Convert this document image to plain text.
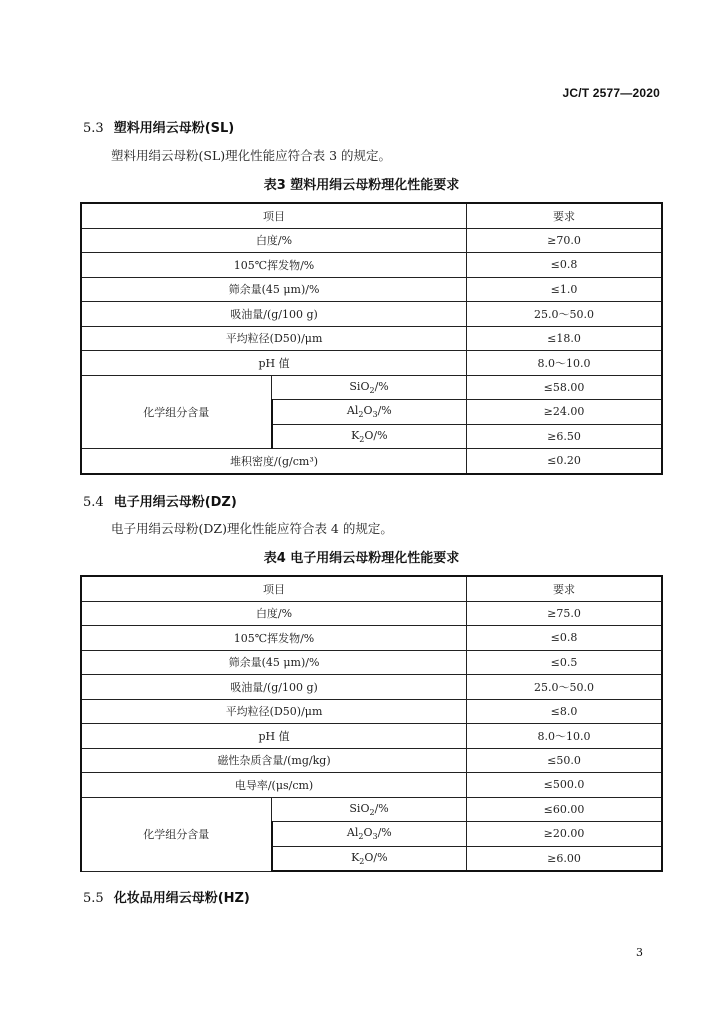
JC/T 2577—2020
5.3 塑料用绢云母粉(SL)
塑料用绢云母粉(SL)理化性能应符合表 3 的规定。
表3 塑料用绢云母粉理化性能要求
项目		要求
白度/%		≥70.0
105℃挥发物/%		≤0.8
筛余量(45 μm)/%		≤1.0
吸油量/(g/100 g)		25.0～50.0
平均粒径(D50)/μm		≤18.0
pH 值		8.0～10.0
化学组分含量	SiO$_2$/%	≤58.00
	$Al_2O_3/\%$	≥24.00
	$K_2O/\%$	≥6.50
堆积密度/(g/cm³)		≤0.20
5.4 电子用绢云母粉(DZ)
电子用绢云母粉(DZ)理化性能应符合表 4 的规定。
表4 电子用绢云母粉理化性能要求
项目		要求
白度/%		≥75.0
105℃挥发物/%		≤0.8
筛余量(45 μm)/%		≤0.5
吸油量/(g/100 g)		25.0～50.0
平均粒径(D50)/μm		≤8.0
pH 值		8.0～10.0
磁性杂质含量/(mg/kg)		≤50.0
电导率/(μs/cm)		≤500.0
化学组分含量	SiO$_2$/%	≤60.00
	$Al_2O_3/\%$	≥20.00
	$K_2O/\%$	≥6.00
5.5 化妆品用绢云母粉(HZ)
3
